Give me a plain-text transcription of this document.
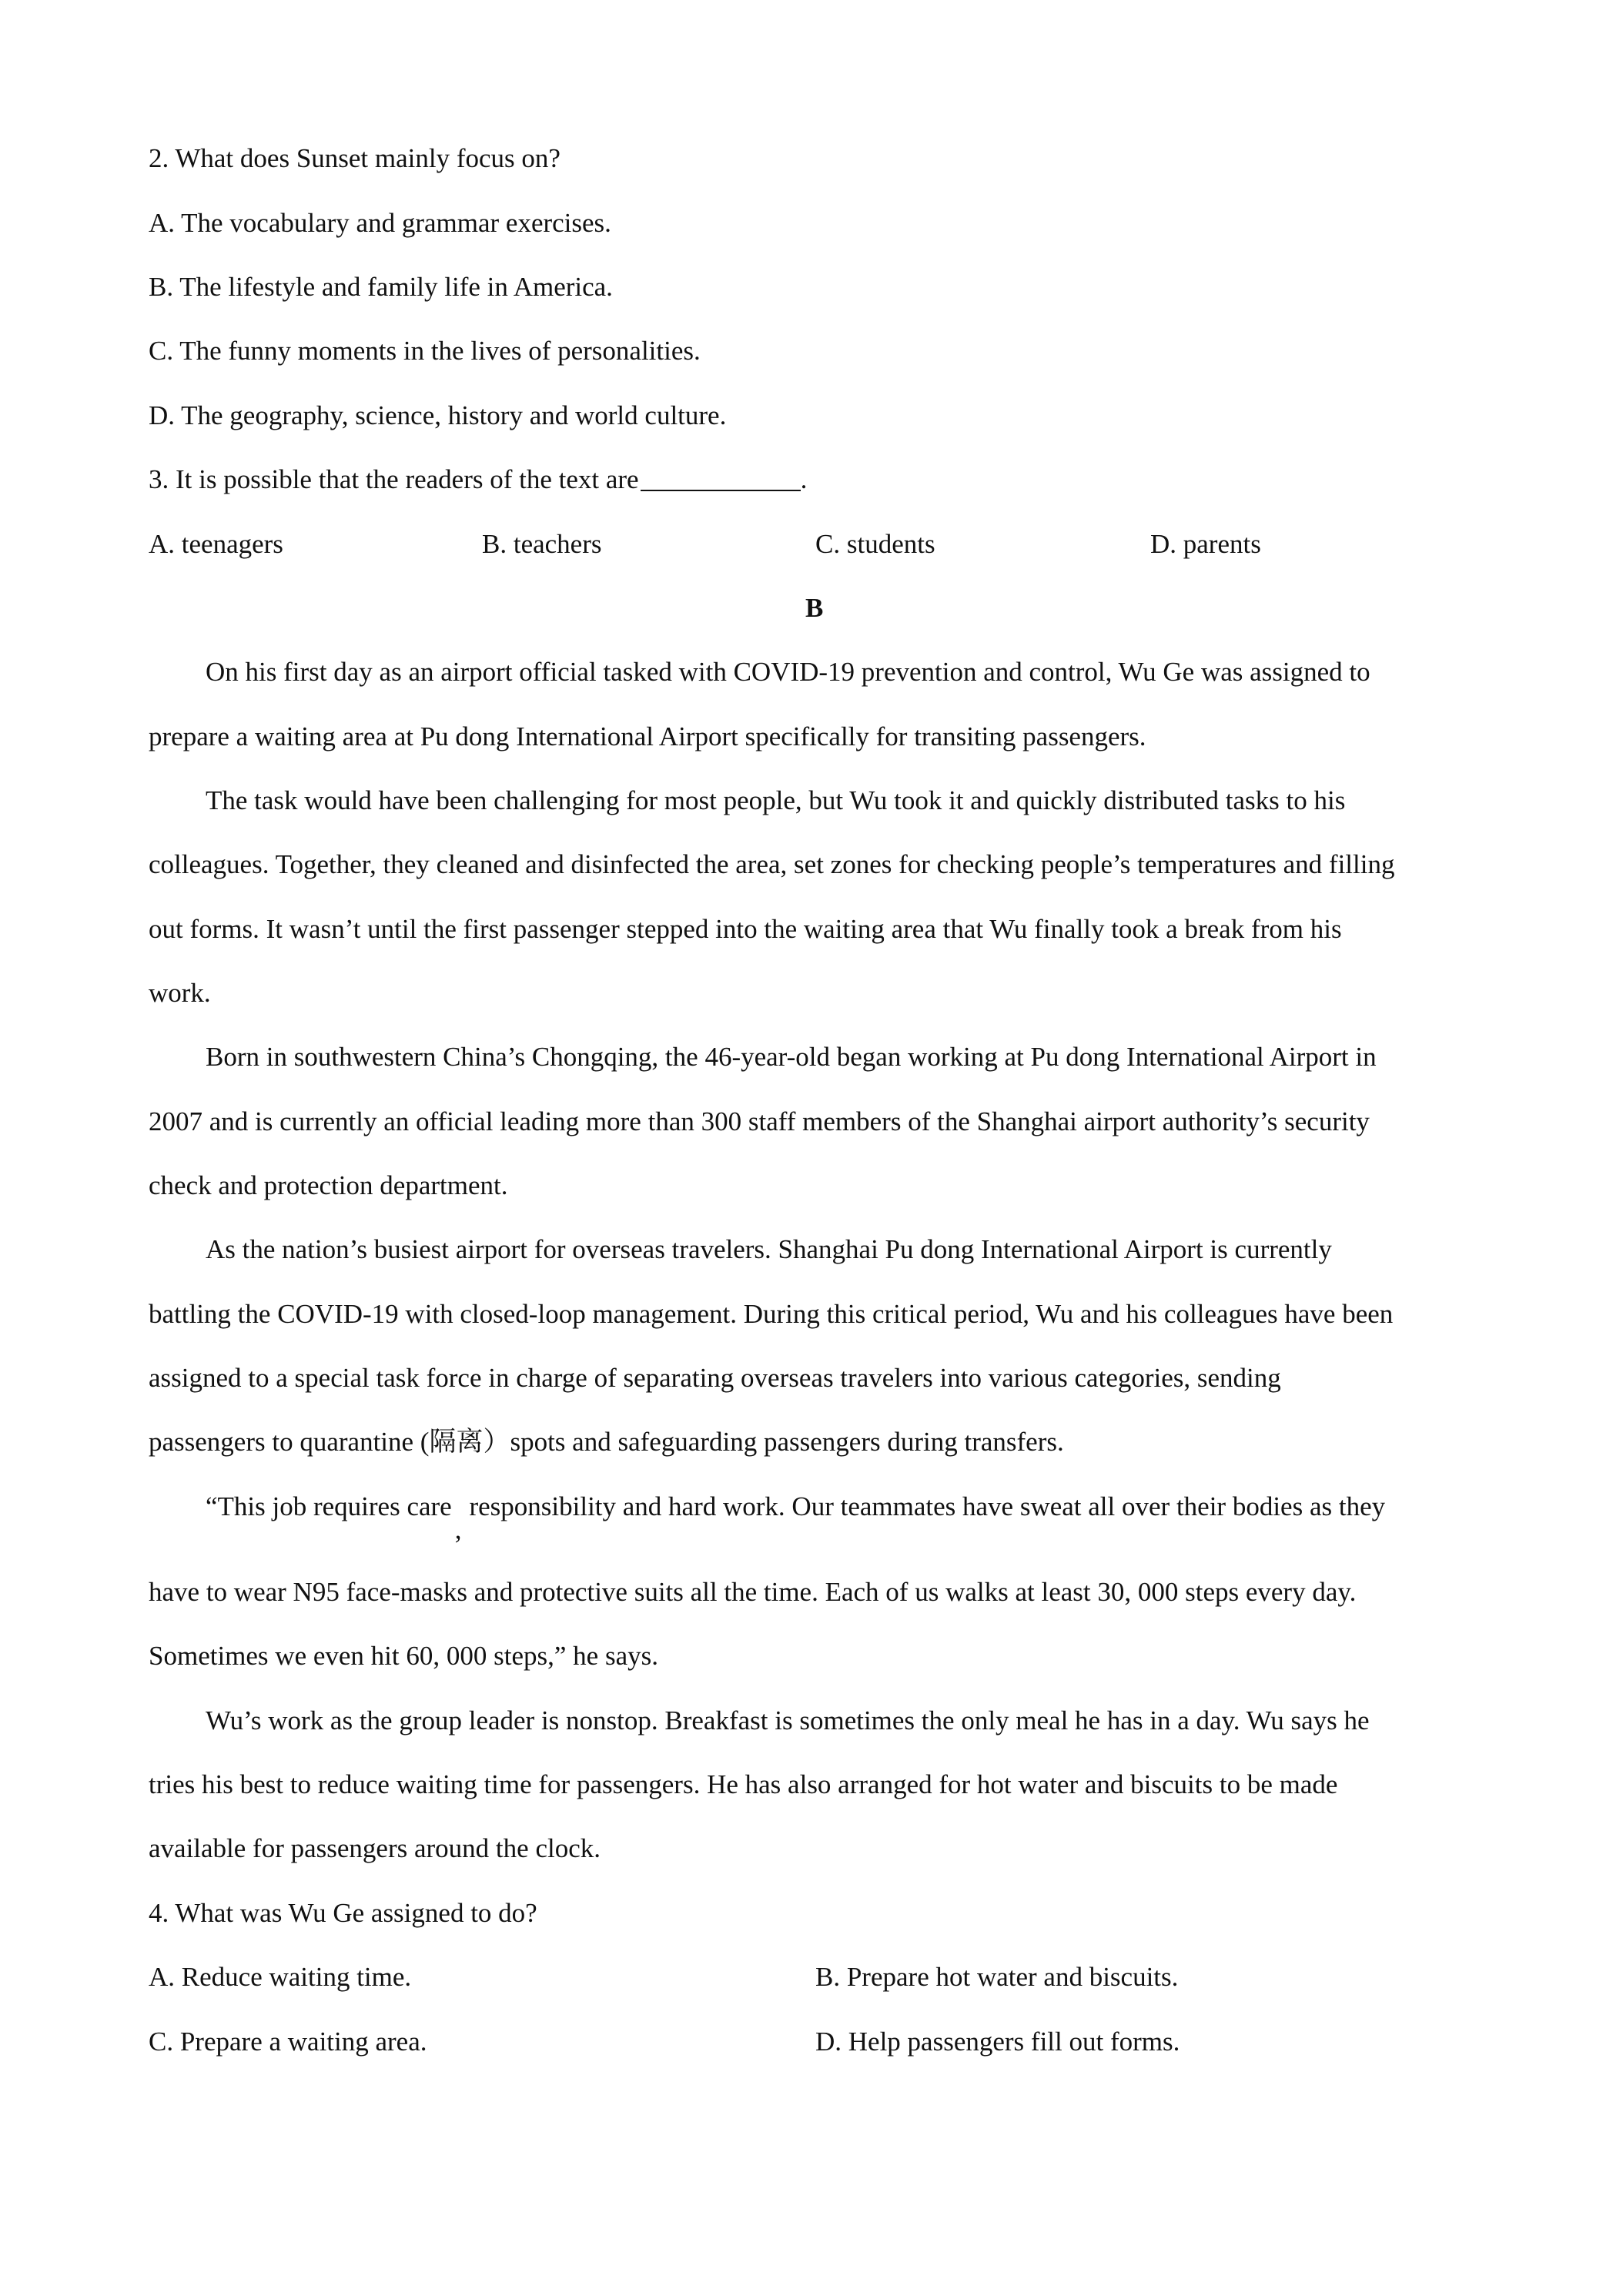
2. What does Sunset mainly focus on?
A. The vocabulary and grammar exercises.
B. The lifestyle and family life in America.
C. The funny moments in the lives of personalities.
D. The geography, science, history and world culture.
3. It is possible that the readers of the text are	.
A. teenagers	B. teachers	C. students	D. parents
B
On his first day as an airport official tasked with COVID-19 prevention and control, Wu Ge was assigned to
prepare a waiting area at Pu dong International Airport specifically for transiting passengers.
The task would have been challenging for most people, but Wu took it and quickly distributed tasks to his
colleagues. Together, they cleaned and disinfected the area, set zones for checking people’s temperatures and filling
out forms. It wasn’t until the first passenger stepped into the waiting area that Wu finally took a break from his
work.
Born in southwestern China’s Chongqing, the 46-year-old began working at Pu dong International Airport in
2007 and is currently an official leading more than 300 staff members of the Shanghai airport authority’s security
check and protection department.
As the nation’s busiest airport for overseas travelers. Shanghai Pu dong International Airport is currently
battling the COVID-19 with closed-loop management. During this critical period, Wu and his colleagues have been
assigned to a special task force in charge of separating overseas travelers into various categories, sending
passengers to quarantine (隔离）spots and safeguarding passengers during transfers.
“This job requires care,responsibility and hard work. Our teammates have sweat all over their bodies as they
have to wear N95 face-masks and protective suits all the time. Each of us walks at least 30, 000 steps every day.
Sometimes we even hit 60, 000 steps,” he says.
Wu’s work as the group leader is nonstop. Breakfast is sometimes the only meal he has in a day. Wu says he
tries his best to reduce waiting time for passengers. He has also arranged for hot water and biscuits to be made
available for passengers around the clock.
4. What was Wu Ge assigned to do?
A. Reduce waiting time.	B. Prepare hot water and biscuits.
C. Prepare a waiting area.	D. Help passengers fill out forms.
